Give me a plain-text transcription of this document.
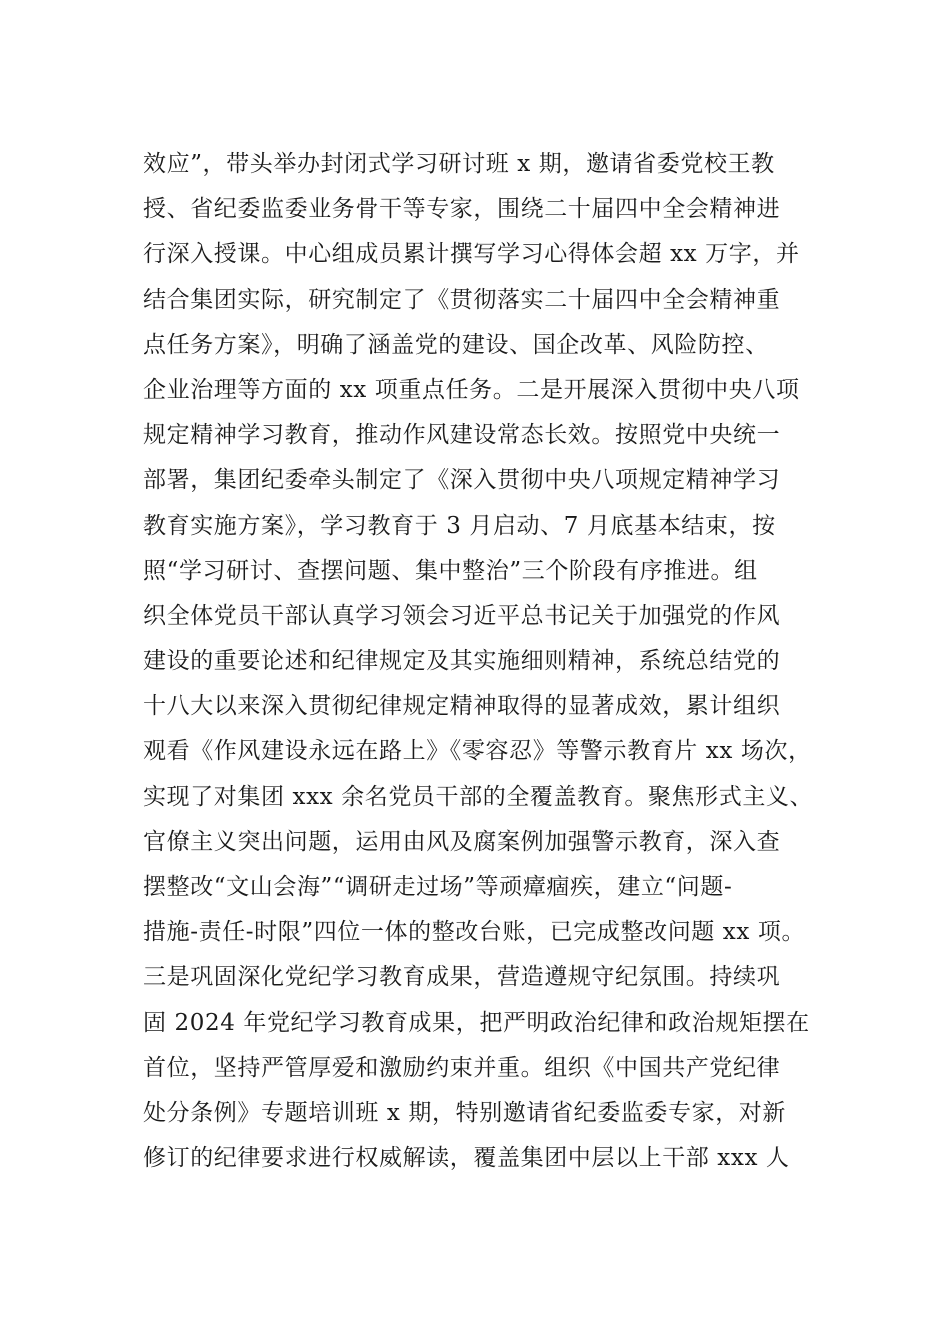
效应”，带头举办封闭式学习研讨班 x 期，邀请省委党校王教
授、省纪委监委业务骨干等专家，围绕二十届四中全会精神进
行深入授课。中心组成员累计撰写学习心得体会超 xx 万字，并
结合集团实际，研究制定了《贯彻落实二十届四中全会精神重
点任务方案》，明确了涵盖党的建设、国企改革、风险防控、
企业治理等方面的 xx 项重点任务。二是开展深入贯彻中央八项
规定精神学习教育，推动作风建设常态长效。按照党中央统一
部署，集团纪委牵头制定了《深入贯彻中央八项规定精神学习
教育实施方案》，学习教育于 3 月启动、7 月底基本结束，按
照“学习研讨、查摆问题、集中整治”三个阶段有序推进。组
织全体党员干部认真学习领会习近平总书记关于加强党的作风
建设的重要论述和纪律规定及其实施细则精神，系统总结党的
十八大以来深入贯彻纪律规定精神取得的显著成效，累计组织
观看《作风建设永远在路上》《零容忍》等警示教育片 xx 场次，
实现了对集团 xxx 余名党员干部的全覆盖教育。聚焦形式主义、
官僚主义突出问题，运用由风及腐案例加强警示教育，深入查
摆整改“文山会海”“调研走过场”等顽瘴痼疾，建立“问题-
措施-责任-时限”四位一体的整改台账，已完成整改问题 xx 项。
三是巩固深化党纪学习教育成果，营造遵规守纪氛围。持续巩
固 2024 年党纪学习教育成果，把严明政治纪律和政治规矩摆在
首位，坚持严管厚爱和激励约束并重。组织《中国共产党纪律
处分条例》专题培训班 x 期，特别邀请省纪委监委专家，对新
修订的纪律要求进行权威解读，覆盖集团中层以上干部 xxx 人
